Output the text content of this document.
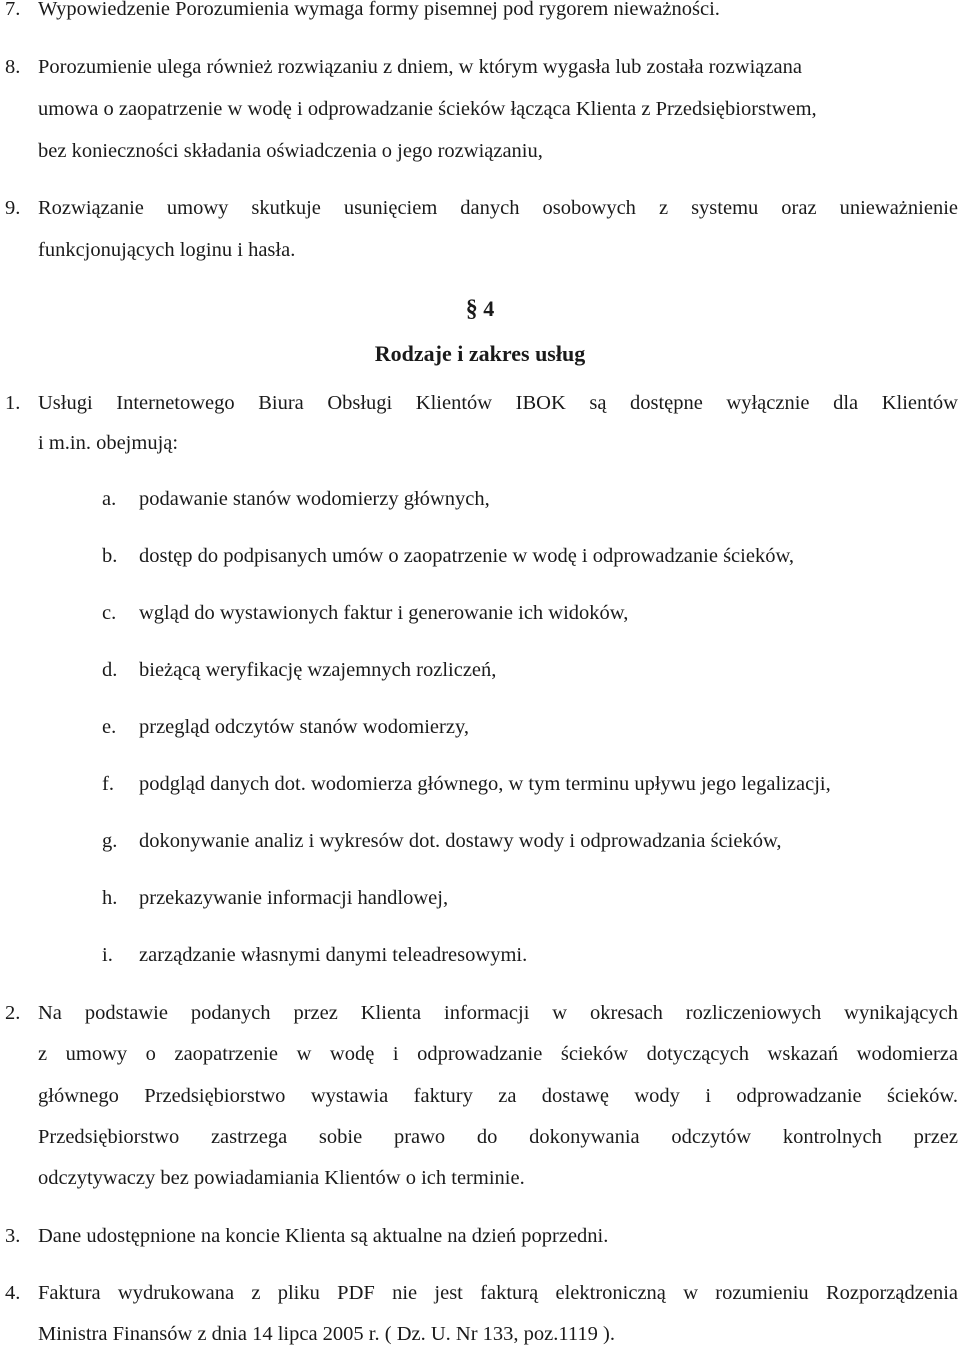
7. Wypowiedzenie Porozumienia wymaga formy pisemnej pod rygorem nieważności.
8. Porozumienie ulega również rozwiązaniu z dniem, w którym wygasła lub została rozwiązana
umowa o zaopatrzenie w wodę i odprowadzanie ścieków łącząca Klienta z Przedsiębiorstwem,
bez konieczności składania oświadczenia o jego rozwiązaniu,
9. Rozwiązanie umowy skutkuje usunięciem danych osobowych z systemu oraz unieważnienie
funkcjonujących loginu i hasła.
§ 4
Rodzaje i zakres usług
1. Usługi Internetowego Biura Obsługi Klientów IBOK są dostępne wyłącznie dla Klientów
i m.in. obejmują:
a. podawanie stanów wodomierzy głównych,
b. dostęp do podpisanych umów o zaopatrzenie w wodę i odprowadzanie ścieków,
c. wgląd do wystawionych faktur i generowanie ich widoków,
d. bieżącą weryfikację wzajemnych rozliczeń,
e. przegląd odczytów stanów wodomierzy,
f. podgląd danych dot. wodomierza głównego, w tym terminu upływu jego legalizacji,
g. dokonywanie analiz i wykresów dot. dostawy wody i odprowadzania ścieków,
h. przekazywanie informacji handlowej,
i. zarządzanie własnymi danymi teleadresowymi.
2. Na podstawie podanych przez Klienta informacji w okresach rozliczeniowych wynikających
z umowy o zaopatrzenie w wodę i odprowadzanie ścieków dotyczących wskazań wodomierza
głównego Przedsiębiorstwo wystawia faktury za dostawę wody i odprowadzanie ścieków.
Przedsiębiorstwo zastrzega sobie prawo do dokonywania odczytów kontrolnych przez
odczytywaczy bez powiadamiania Klientów o ich terminie.
3. Dane udostępnione na koncie Klienta są aktualne na dzień poprzedni.
4. Faktura wydrukowana z pliku PDF nie jest fakturą elektroniczną w rozumieniu Rozporządzenia
Ministra Finansów z dnia 14 lipca 2005 r. ( Dz. U. Nr 133, poz.1119 ).
